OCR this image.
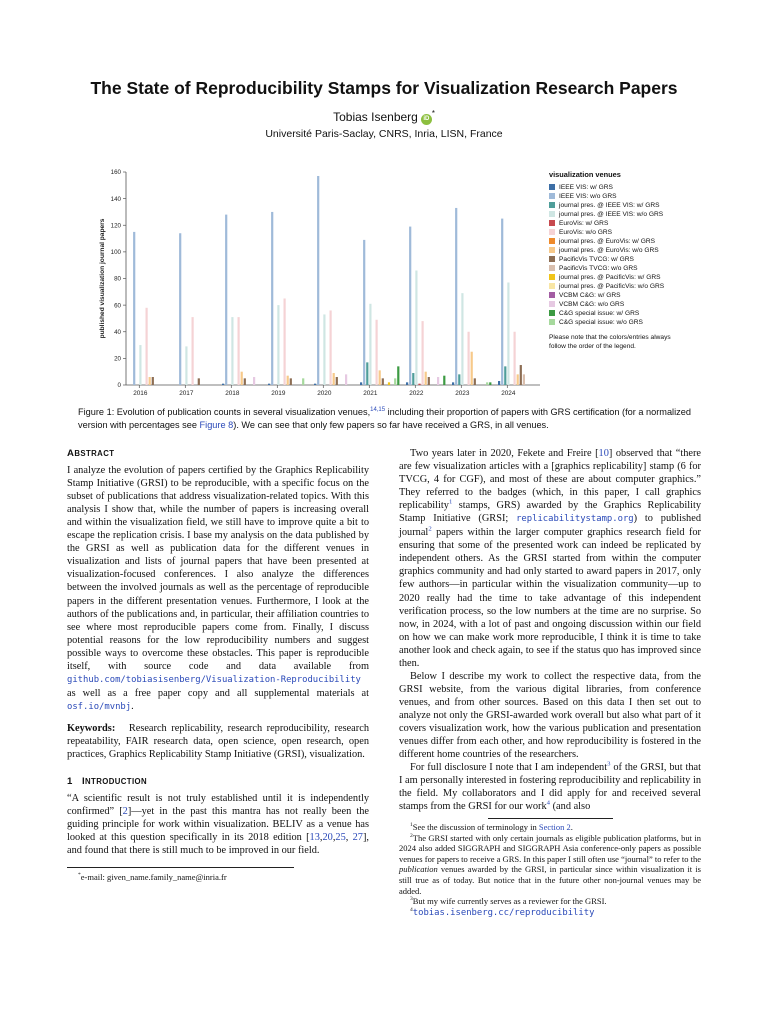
The State of Reproducibility Stamps for Visualization Research Papers
Tobias Isenberg iD*
Université Paris-Saclay, CNRS, Inria, LISN, France
0
20
40
60
80
100
120
140
160
published visualization journal papers
2016	2017	2018	2019	2020	2021	2022	2023	2024
visualization venues
IEEE VIS: w/ GRS
IEEE VIS: w/o GRS
journal pres. @ IEEE VIS: w/ GRS
journal pres. @ IEEE VIS: w/o GRS
EuroVis: w/ GRS
EuroVis: w/o GRS
journal pres. @ EuroVis: w/ GRS
journal pres. @ EuroVis: w/o GRS
PacificVis TVCG: w/ GRS
PacificVis TVCG: w/o GRS
journal pres. @ PacificVis: w/ GRS
journal pres. @ PacificVis: w/o GRS
VCBM C&G: w/ GRS
VCBM C&G: w/o GRS
C&G special issue: w/ GRS
C&G special issue: w/o GRS
Please note that the colors/entries always follow the order of the legend.
Figure 1: Evolution of publication counts in several visualization venues,$^{14,15}$ including their proportion of papers with GRS certification (for a normalized version with percentages see Figure 8). We can see that only few papers so far have received a GRS, in all venues.
ABSTRACT

I analyze the evolution of papers certified by the Graphics Replicability Stamp Initiative (GRSI) to be reproducible, with a specific focus on the subset of publications that address visualization-related topics. With this analysis I show that, while the number of papers is increasing overall and within the visualization field, we still have to improve quite a bit to escape the replication crisis. I base my analysis on the data published by the GRSI as well as publication data for the different venues in visualization and lists of journal papers that have been presented at visualization-focused conferences. I also analyze the differences between the involved journals as well as the percentage of reproducible papers in the different presentation venues. Furthermore, I look at the authors of the publications and, in particular, their affiliation countries to see where most reproducible papers come from. Finally, I discuss potential reasons for the low reproducibility numbers and suggest possible ways to overcome these obstacles. This paper is reproducible itself, with source code and data available from github.com/tobiasisenberg/Visualization-Reproducibility as well as a free paper copy and all supplemental materials at osf.io/mvnbj.

Keywords: Research replicability, research reproducibility, research repeatability, FAIR research data, open science, open research, open practices, Graphics Replicability Stamp Initiative (GRSI), visualization.

1 INTRODUCTION

“A scientific result is not truly established until it is independently confirmed” [2]—yet in the past this mantra has not really been the guiding principle for work within visualization. BELIV as a venue has looked at this question specifically in its 2018 edition [13,20,25, 27], and found that there is still much to be improved in our field.

*e-mail: given_name.family_name@inria.fr

Two years later in 2020, Fekete and Freire [10] observed that “there are few visualization articles with a [graphics replicability] stamp (6 for TVCG, 4 for CGF), and most of these are about computer graphics.” They referred to the badges (which, in this paper, I call graphics replicability$^1$ stamps, GRS) awarded by the Graphics Replicability Stamp Initiative (GRSI; replicabilitystamp.org) to published journal$^2$ papers within the larger computer graphics research field for ensuring that some of the presented work can indeed be replicated by independent others. As the GRSI started from within the computer graphics community and had only started to award papers in 2017, only few authors—in particular within the visualization community—up to 2020 really had the time to take advantage of this independent verification process, so the low numbers at the time are no surprise. So now, in 2024, with a lot of past and ongoing discussion within our field on how we can make work more reproducible, I think it is time to take another look and check again, to see if the status quo has improved since then.

Below I describe my work to collect the respective data, from the GRSI website, from the various digital libraries, from conference venues, and from other sources. Based on this data I then set out to analyze not only the GRSI-awarded work overall but also what part of it covers visualization work, how the various publication and presentation venues differ from each other, and how reproducibility is fostered in the different home countries of the researchers.

For full disclosure I note that I am independent$^3$ of the GRSI, but that I am personally interested in fostering reproducibility and replicability in the field. My collaborators and I did apply for and received several stamps from the GRSI for our work$^4$ (and also

$^1$See the discussion of terminology in Section 2.

$^2$The GRSI started with only certain journals as eligible publication platforms, but in 2024 also added SIGGRAPH and SIGGRAPH Asia conference-only papers as possible venues for papers to receive a GRS. In this paper I still often use “journal” to refer to the publication venues awarded by the GRSI, in particular since within visualization it is still true as of today. But notice that in the future other non-journal venues may be added.

$^3$But my wife currently serves as a reviewer for the GRSI.

$^4$tobias.isenberg.cc/reproducibility
